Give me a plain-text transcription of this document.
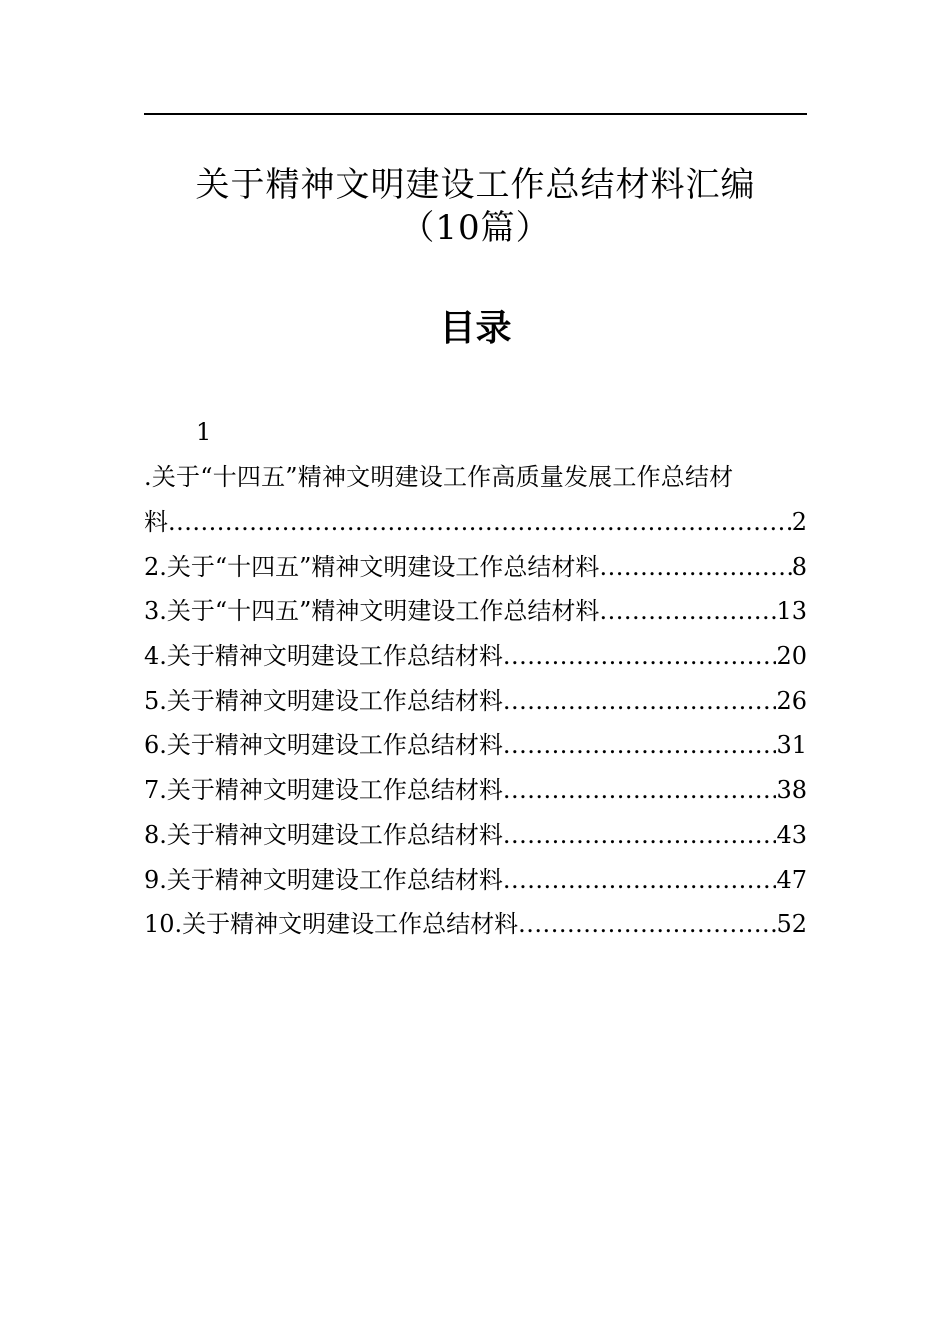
关于精神文明建设工作总结材料汇编
（10篇）
目录
1
.关于“十四五”精神文明建设工作高质量发展工作总结材
料 .....	2
2.关于“十四五”精神文明建设工作总结材料 .....	8
3.关于“十四五”精神文明建设工作总结材料 .....	13
4.关于精神文明建设工作总结材料 .....	20
5.关于精神文明建设工作总结材料 .....	26
6.关于精神文明建设工作总结材料 .....	31
7.关于精神文明建设工作总结材料 .....	38
8.关于精神文明建设工作总结材料 .....	43
9.关于精神文明建设工作总结材料 .....	47
10.关于精神文明建设工作总结材料 .....	52
